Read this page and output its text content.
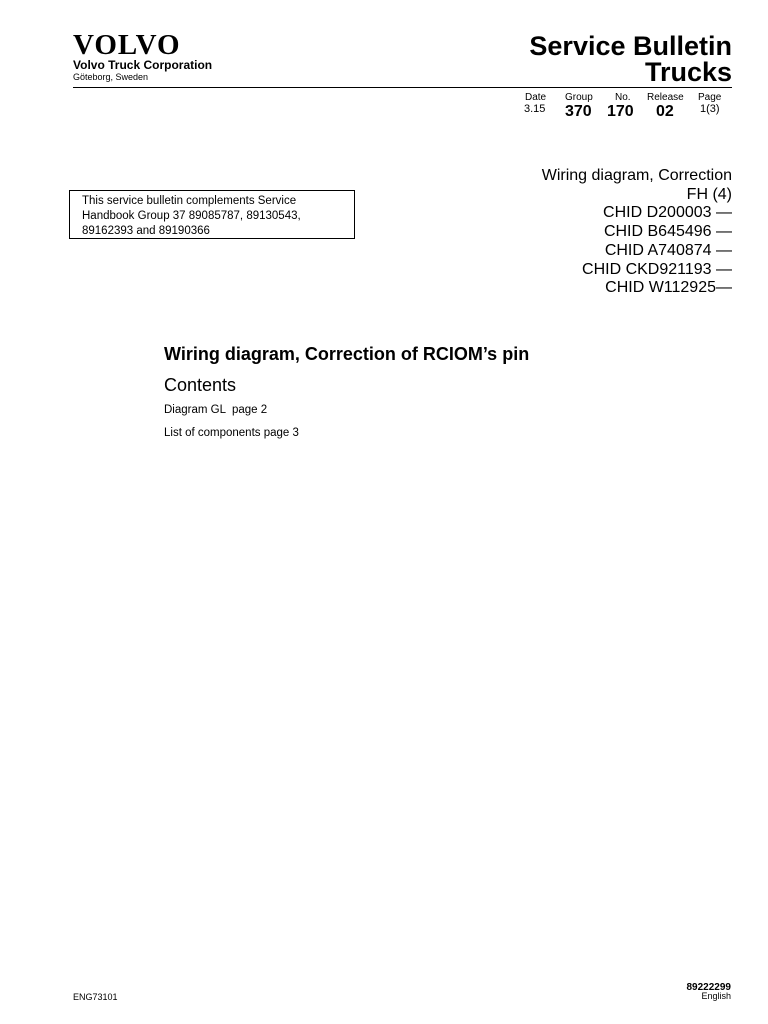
VOLVO
Volvo Truck Corporation
Göteborg, Sweden
Service Bulletin
Trucks
Date
3.15
Group
370
No.
170
Release
02
Page
1(3)
Wiring diagram, Correction
FH (4)
CHID D200003 —
CHID B645496 —
CHID A740874 —
CHID CKD921193 —
CHID W112925—
This service bulletin complements Service Handbook Group 37 89085787, 89130543, 89162393 and 89190366
Wiring diagram, Correction of RCIOM’s pin
Contents
Diagram GL  page 2
List of components page 3
ENG73101
89222299
English
